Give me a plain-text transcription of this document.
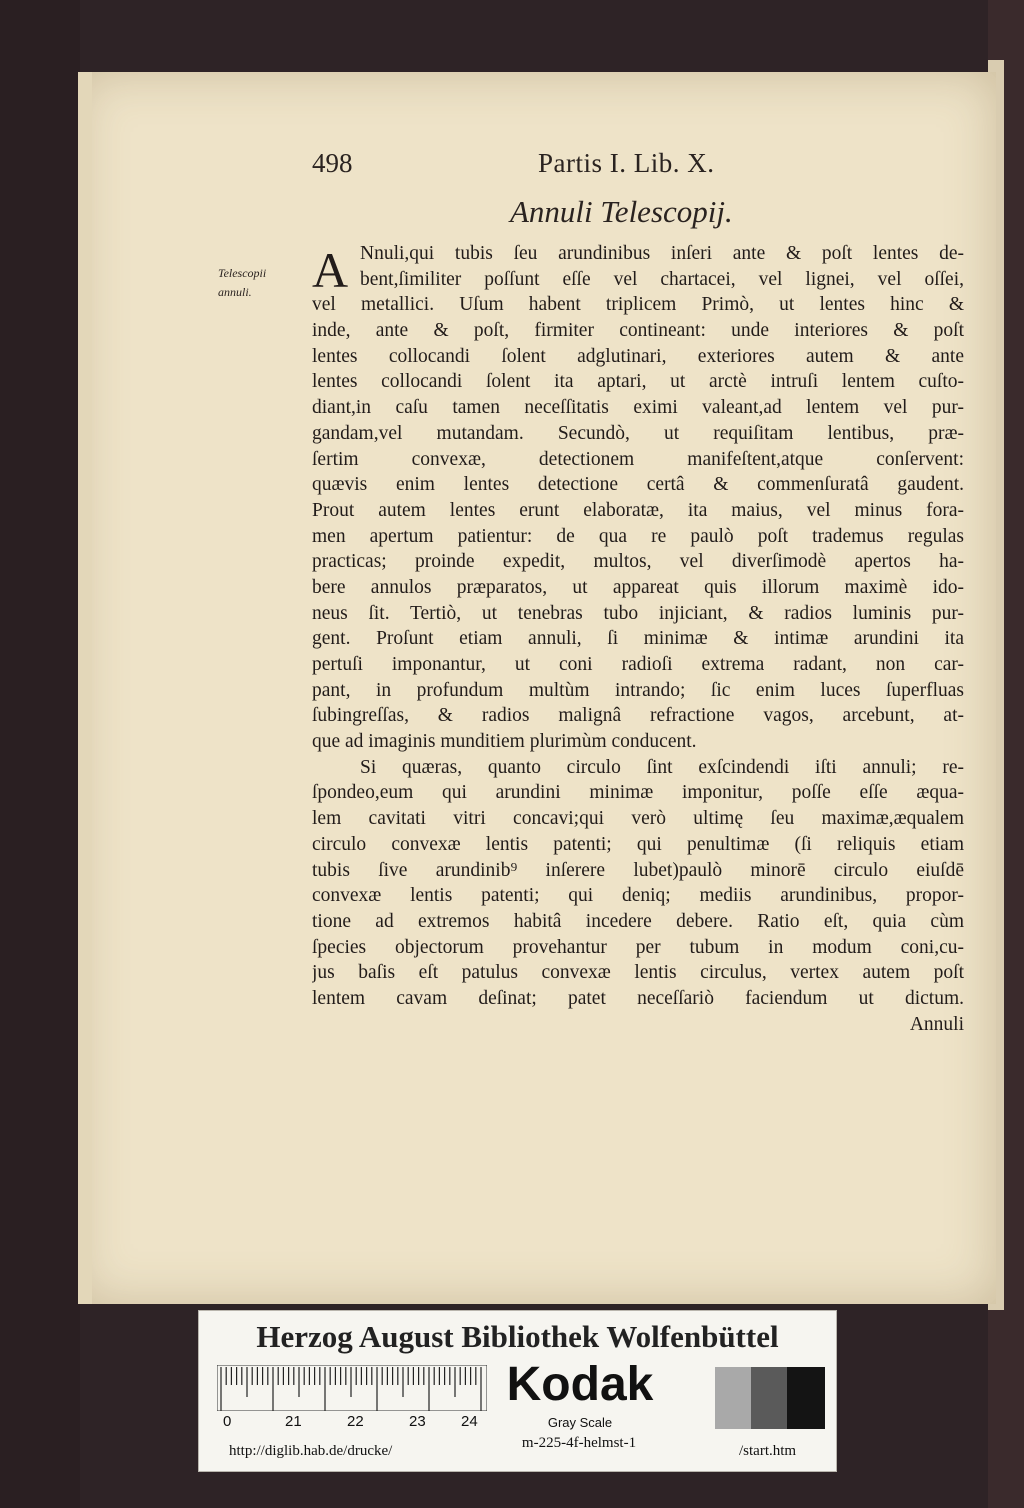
498	Partis I. Lib. X.
Annuli Telescopij.
Telescopii
annuli.	A Nnuli,qui tubis ſeu arundinibus inſeri ante & poſt lentes de-
bent,ſimiliter poſſunt eſſe vel chartacei, vel lignei, vel oſſei,
vel metallici. Uſum habent triplicem Primò, ut lentes hinc &
inde, ante & poſt, firmiter contineant: unde interiores & poſt
lentes collocandi ſolent adglutinari, exteriores autem & ante
lentes collocandi ſolent ita aptari, ut arctè intruſi lentem cuſto-
diant,in caſu tamen neceſſitatis eximi valeant,ad lentem vel pur-
gandam,vel mutandam. Secundò, ut requiſitam lentibus, præ-
ſertim convexæ, detectionem manifeſtent,atque conſervent:
quævis enim lentes detectione certâ & commenſuratâ gaudent.
Prout autem lentes erunt elaboratæ, ita maius, vel minus fora-
men apertum patientur: de qua re paulò poſt trademus regulas
practicas; proinde expedit, multos, vel diverſimodè apertos ha-
bere annulos præparatos, ut appareat quis illorum maximè ido-
neus ſit. Tertiò, ut tenebras tubo injiciant, & radios luminis pur-
gent. Proſunt etiam annuli, ſi minimæ & intimæ arundini ita
pertuſi imponantur, ut coni radioſi extrema radant, non car-
pant, in profundum multùm intrando; ſic enim luces ſuperfluas
ſubingreſſas, & radios malignâ refractione vagos, arcebunt, at-
que ad imaginis munditiem plurimùm conducent.
Si quæras, quanto circulo ſint exſcindendi iſti annuli; re-
ſpondeo,eum qui arundini minimæ imponitur, poſſe eſſe æqua-
lem cavitati vitri concavi;qui verò ultimę ſeu maximæ,æqualem
circulo convexæ lentis patenti; qui penultimæ (ſi reliquis etiam
tubis ſive arundinib⁹ inſerere lubet)paulò minorē circulo eiuſdē
convexæ lentis patenti; qui deniq; mediis arundinibus, propor-
tione ad extremos habitâ incedere debere. Ratio eſt, quia cùm
ſpecies objectorum provehantur per tubum in modum coni,cu-
jus baſis eſt patulus convexæ lentis circulus, vertex autem poſt
lentem cavam deſinat; patet neceſſariò faciendum ut dictum.
Annuli
Herzog August Bibliothek Wolfenbüttel
0	21	22	23 24
Kodak
Gray Scale
m-225-4f-helmst-1
http://diglib.hab.de/drucke/	/start.htm
